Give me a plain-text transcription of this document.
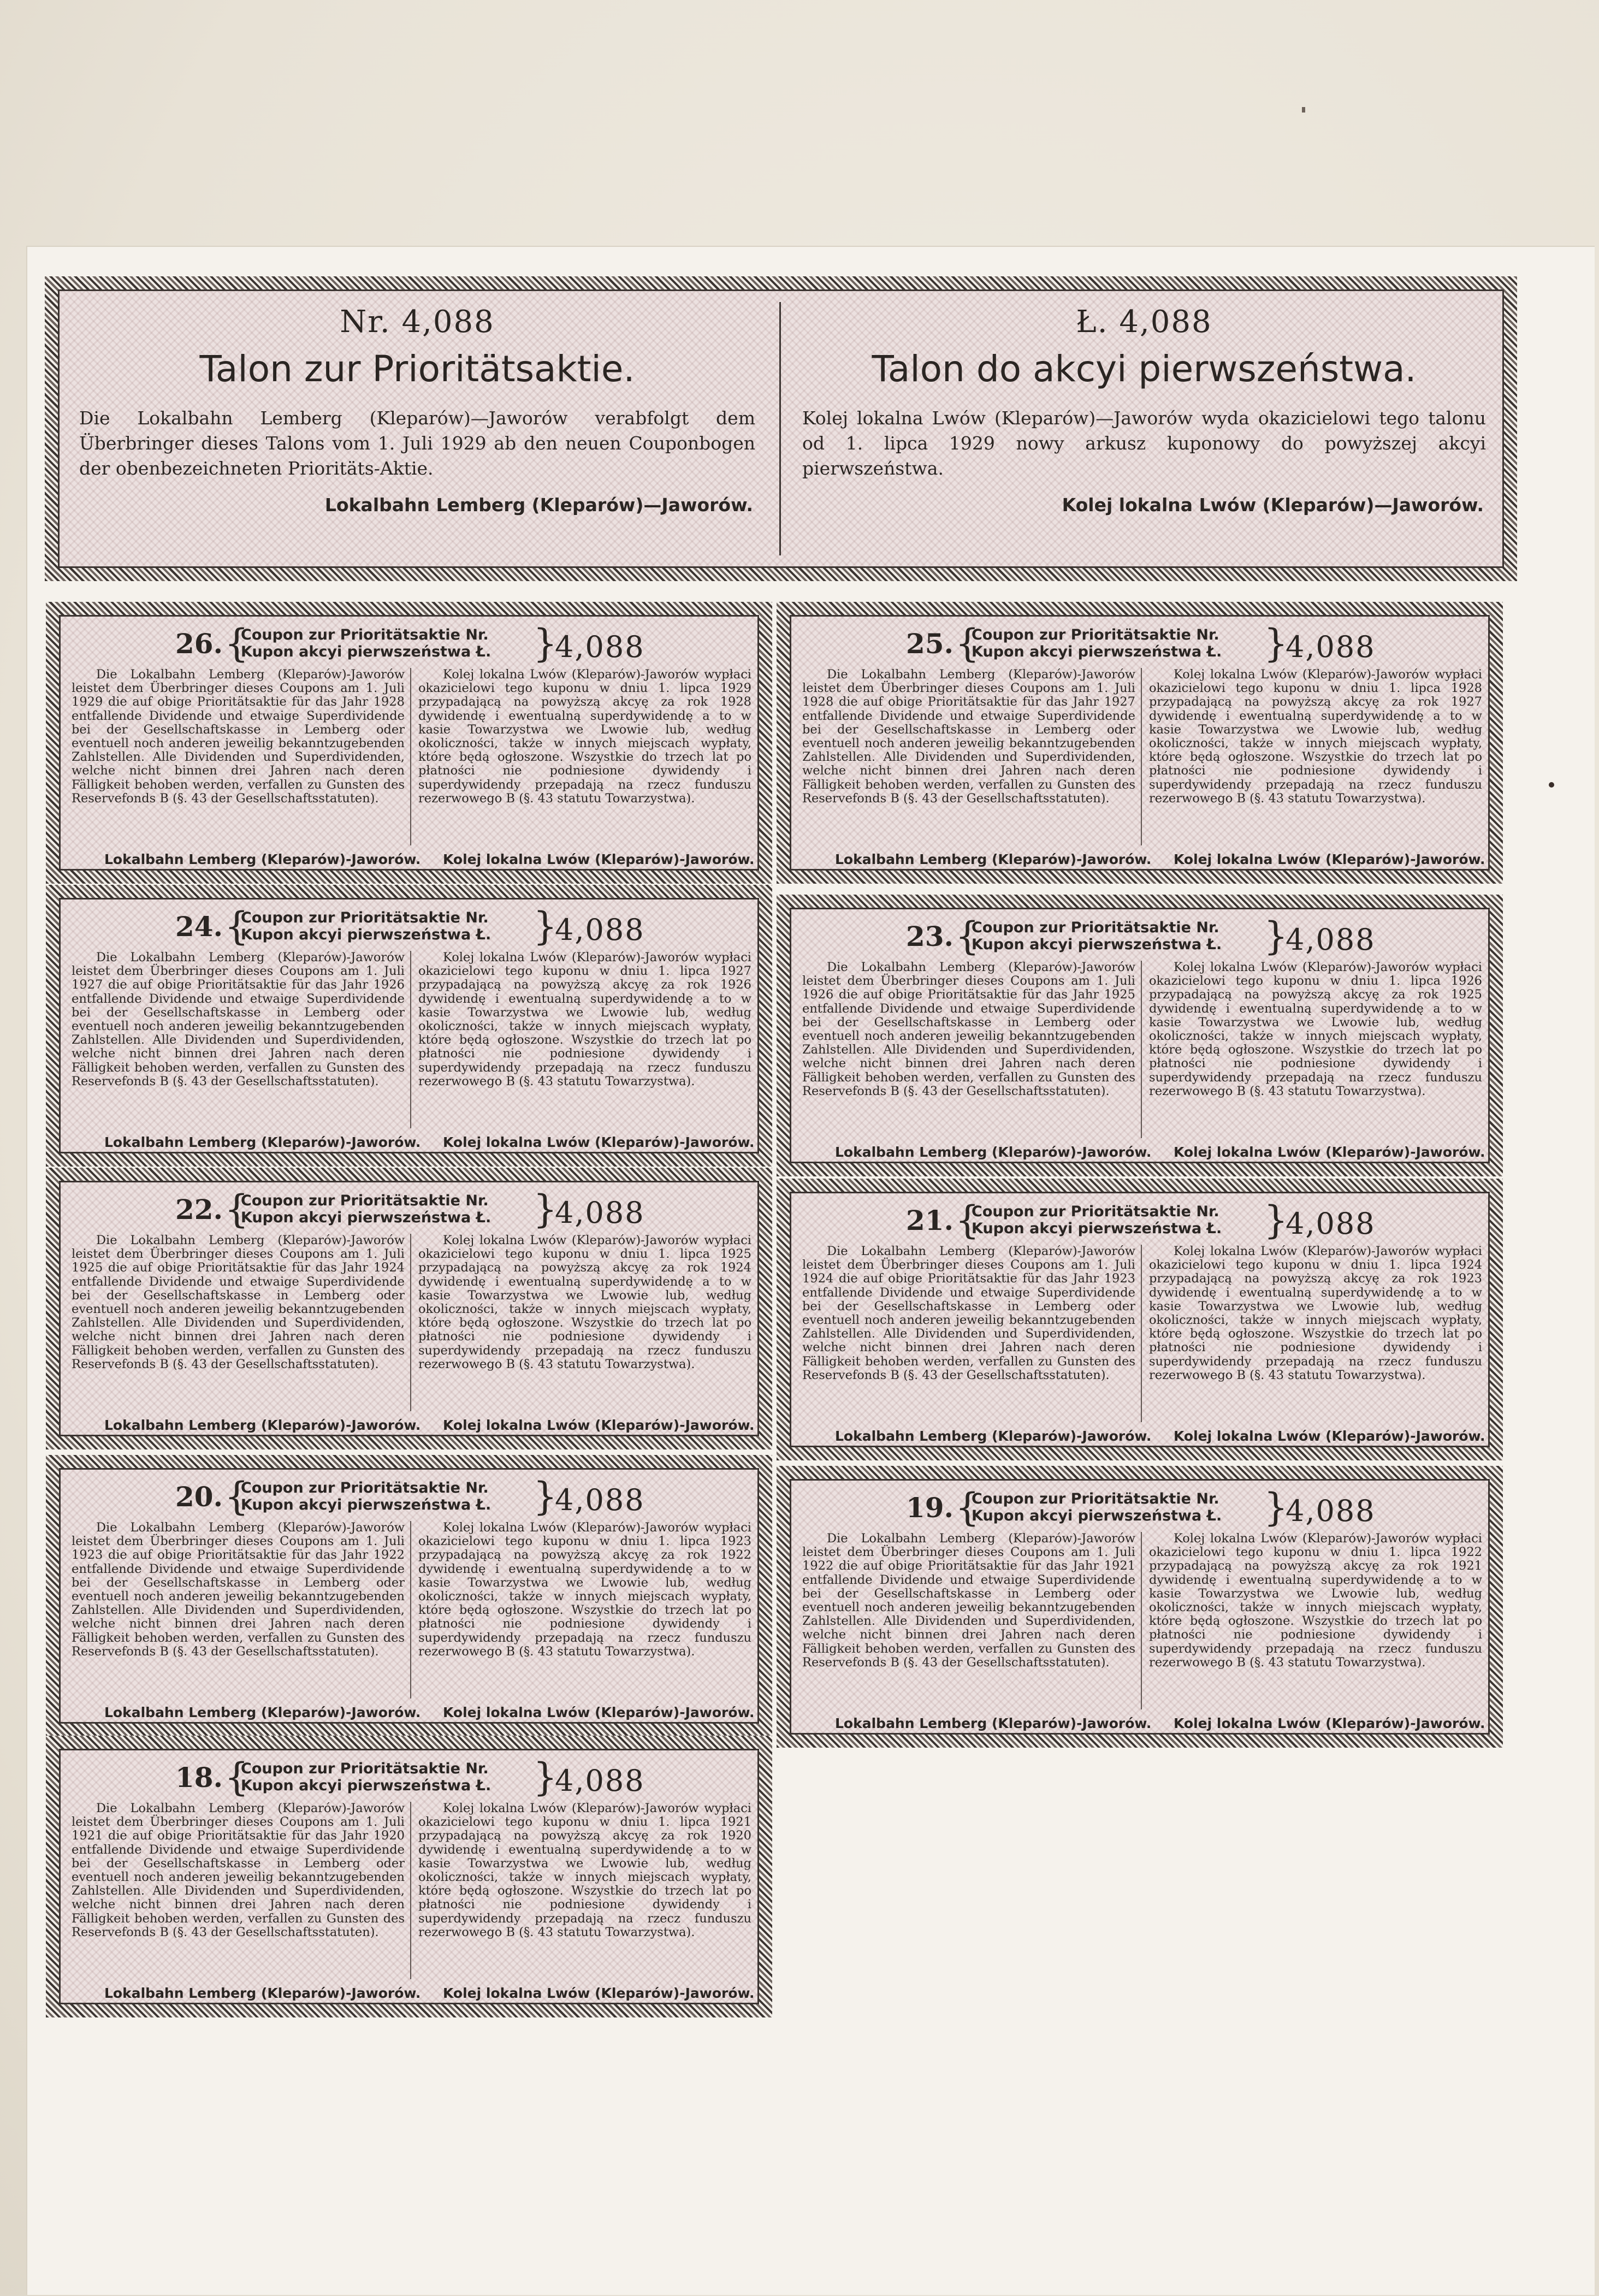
Nr. 4,088
Talon zur Prioritätsaktie.
Die Lokalbahn Lemberg (Kleparów)—Jaworów verabfolgt dem Überbringer dieses Talons vom 1. Juli 1929 ab den neuen Couponbogen der obenbezeichneten Prioritäts-Aktie.
Lokalbahn Lemberg (Kleparów)—Jaworów.
Ł. 4,088
Talon do akcyi pierwszeństwa.
Kolej lokalna Lwów (Kleparów)—Jaworów wyda okazicielowi tego talonu od 1. lipca 1929 nowy arkusz kuponowy do powyższej akcyi pierwszeństwa.
Kolej lokalna Lwów (Kleparów)—Jaworów.
26. {
Coupon zur Prioritätsaktie Nr.
Kupon akcyi pierwszeństwa Ł. }
4,088
Die Lokalbahn Lemberg (Kleparów)-Jaworów leistet dem Überbringer dieses Coupons am 1. Juli 1929 die auf obige Prioritätsaktie für das Jahr 1928 entfallende Dividende und etwaige Superdividende bei der Gesellschaftskasse in Lemberg oder eventuell noch anderen jeweilig bekanntzugebenden Zahlstellen. Alle Dividenden und Superdividenden, welche nicht binnen drei Jahren nach deren Fälligkeit behoben werden, verfallen zu Gunsten des Reservefonds B (§. 43 der Gesellschaftsstatuten).
Kolej lokalna Lwów (Kleparów)-Jaworów wypłaci okazicielowi tego kuponu w dniu 1. lipca 1929 przypadającą na powyższą akcyę za rok 1928 dywidendę i ewentualną superdywidendę a to w kasie Towarzystwa we Lwowie lub, według okoliczności, także w innych miejscach wypłaty, które będą ogłoszone. Wszystkie do trzech lat po płatności nie podniesione dywidendy i superdywidendy przepadają na rzecz funduszu rezerwowego B (§. 43 statutu Towarzystwa).
Lokalbahn Lemberg (Kleparów)-Jaworów. Kolej lokalna Lwów (Kleparów)-Jaworów.
25. {
Coupon zur Prioritätsaktie Nr.
Kupon akcyi pierwszeństwa Ł. }
4,088
Die Lokalbahn Lemberg (Kleparów)-Jaworów leistet dem Überbringer dieses Coupons am 1. Juli 1928 die auf obige Prioritätsaktie für das Jahr 1927 entfallende Dividende und etwaige Superdividende bei der Gesellschaftskasse in Lemberg oder eventuell noch anderen jeweilig bekanntzugebenden Zahlstellen. Alle Dividenden und Superdividenden, welche nicht binnen drei Jahren nach deren Fälligkeit behoben werden, verfallen zu Gunsten des Reservefonds B (§. 43 der Gesellschaftsstatuten).
Kolej lokalna Lwów (Kleparów)-Jaworów wypłaci okazicielowi tego kuponu w dniu 1. lipca 1928 przypadającą na powyższą akcyę za rok 1927 dywidendę i ewentualną superdywidendę a to w kasie Towarzystwa we Lwowie lub, według okoliczności, także w innych miejscach wypłaty, które będą ogłoszone. Wszystkie do trzech lat po płatności nie podniesione dywidendy i superdywidendy przepadają na rzecz funduszu rezerwowego B (§. 43 statutu Towarzystwa).
Lokalbahn Lemberg (Kleparów)-Jaworów. Kolej lokalna Lwów (Kleparów)-Jaworów.
24. {
Coupon zur Prioritätsaktie Nr.
Kupon akcyi pierwszeństwa Ł. }
4,088
Die Lokalbahn Lemberg (Kleparów)-Jaworów leistet dem Überbringer dieses Coupons am 1. Juli 1927 die auf obige Prioritätsaktie für das Jahr 1926 entfallende Dividende und etwaige Superdividende bei der Gesellschaftskasse in Lemberg oder eventuell noch anderen jeweilig bekanntzugebenden Zahlstellen. Alle Dividenden und Superdividenden, welche nicht binnen drei Jahren nach deren Fälligkeit behoben werden, verfallen zu Gunsten des Reservefonds B (§. 43 der Gesellschaftsstatuten).
Kolej lokalna Lwów (Kleparów)-Jaworów wypłaci okazicielowi tego kuponu w dniu 1. lipca 1927 przypadającą na powyższą akcyę za rok 1926 dywidendę i ewentualną superdywidendę a to w kasie Towarzystwa we Lwowie lub, według okoliczności, także w innych miejscach wypłaty, które będą ogłoszone. Wszystkie do trzech lat po płatności nie podniesione dywidendy i superdywidendy przepadają na rzecz funduszu rezerwowego B (§. 43 statutu Towarzystwa).
Lokalbahn Lemberg (Kleparów)-Jaworów. Kolej lokalna Lwów (Kleparów)-Jaworów.
23. {
Coupon zur Prioritätsaktie Nr.
Kupon akcyi pierwszeństwa Ł. }
4,088
Die Lokalbahn Lemberg (Kleparów)-Jaworów leistet dem Überbringer dieses Coupons am 1. Juli 1926 die auf obige Prioritätsaktie für das Jahr 1925 entfallende Dividende und etwaige Superdividende bei der Gesellschaftskasse in Lemberg oder eventuell noch anderen jeweilig bekanntzugebenden Zahlstellen. Alle Dividenden und Superdividenden, welche nicht binnen drei Jahren nach deren Fälligkeit behoben werden, verfallen zu Gunsten des Reservefonds B (§. 43 der Gesellschaftsstatuten).
Kolej lokalna Lwów (Kleparów)-Jaworów wypłaci okazicielowi tego kuponu w dniu 1. lipca 1926 przypadającą na powyższą akcyę za rok 1925 dywidendę i ewentualną superdywidendę a to w kasie Towarzystwa we Lwowie lub, według okoliczności, także w innych miejscach wypłaty, które będą ogłoszone. Wszystkie do trzech lat po płatności nie podniesione dywidendy i superdywidendy przepadają na rzecz funduszu rezerwowego B (§. 43 statutu Towarzystwa).
Lokalbahn Lemberg (Kleparów)-Jaworów. Kolej lokalna Lwów (Kleparów)-Jaworów.
22. {
Coupon zur Prioritätsaktie Nr.
Kupon akcyi pierwszeństwa Ł. }
4,088
Die Lokalbahn Lemberg (Kleparów)-Jaworów leistet dem Überbringer dieses Coupons am 1. Juli 1925 die auf obige Prioritätsaktie für das Jahr 1924 entfallende Dividende und etwaige Superdividende bei der Gesellschaftskasse in Lemberg oder eventuell noch anderen jeweilig bekanntzugebenden Zahlstellen. Alle Dividenden und Superdividenden, welche nicht binnen drei Jahren nach deren Fälligkeit behoben werden, verfallen zu Gunsten des Reservefonds B (§. 43 der Gesellschaftsstatuten).
Kolej lokalna Lwów (Kleparów)-Jaworów wypłaci okazicielowi tego kuponu w dniu 1. lipca 1925 przypadającą na powyższą akcyę za rok 1924 dywidendę i ewentualną superdywidendę a to w kasie Towarzystwa we Lwowie lub, według okoliczności, także w innych miejscach wypłaty, które będą ogłoszone. Wszystkie do trzech lat po płatności nie podniesione dywidendy i superdywidendy przepadają na rzecz funduszu rezerwowego B (§. 43 statutu Towarzystwa).
Lokalbahn Lemberg (Kleparów)-Jaworów. Kolej lokalna Lwów (Kleparów)-Jaworów.
21. {
Coupon zur Prioritätsaktie Nr.
Kupon akcyi pierwszeństwa Ł. }
4,088
Die Lokalbahn Lemberg (Kleparów)-Jaworów leistet dem Überbringer dieses Coupons am 1. Juli 1924 die auf obige Prioritätsaktie für das Jahr 1923 entfallende Dividende und etwaige Superdividende bei der Gesellschaftskasse in Lemberg oder eventuell noch anderen jeweilig bekanntzugebenden Zahlstellen. Alle Dividenden und Superdividenden, welche nicht binnen drei Jahren nach deren Fälligkeit behoben werden, verfallen zu Gunsten des Reservefonds B (§. 43 der Gesellschaftsstatuten).
Kolej lokalna Lwów (Kleparów)-Jaworów wypłaci okazicielowi tego kuponu w dniu 1. lipca 1924 przypadającą na powyższą akcyę za rok 1923 dywidendę i ewentualną superdywidendę a to w kasie Towarzystwa we Lwowie lub, według okoliczności, także w innych miejscach wypłaty, które będą ogłoszone. Wszystkie do trzech lat po płatności nie podniesione dywidendy i superdywidendy przepadają na rzecz funduszu rezerwowego B (§. 43 statutu Towarzystwa).
Lokalbahn Lemberg (Kleparów)-Jaworów. Kolej lokalna Lwów (Kleparów)-Jaworów.
20. {
Coupon zur Prioritätsaktie Nr.
Kupon akcyi pierwszeństwa Ł. }
4,088
Die Lokalbahn Lemberg (Kleparów)-Jaworów leistet dem Überbringer dieses Coupons am 1. Juli 1923 die auf obige Prioritätsaktie für das Jahr 1922 entfallende Dividende und etwaige Superdividende bei der Gesellschaftskasse in Lemberg oder eventuell noch anderen jeweilig bekanntzugebenden Zahlstellen. Alle Dividenden und Superdividenden, welche nicht binnen drei Jahren nach deren Fälligkeit behoben werden, verfallen zu Gunsten des Reservefonds B (§. 43 der Gesellschaftsstatuten).
Kolej lokalna Lwów (Kleparów)-Jaworów wypłaci okazicielowi tego kuponu w dniu 1. lipca 1923 przypadającą na powyższą akcyę za rok 1922 dywidendę i ewentualną superdywidendę a to w kasie Towarzystwa we Lwowie lub, według okoliczności, także w innych miejscach wypłaty, które będą ogłoszone. Wszystkie do trzech lat po płatności nie podniesione dywidendy i superdywidendy przepadają na rzecz funduszu rezerwowego B (§. 43 statutu Towarzystwa).
Lokalbahn Lemberg (Kleparów)-Jaworów. Kolej lokalna Lwów (Kleparów)-Jaworów.
19. {
Coupon zur Prioritätsaktie Nr.
Kupon akcyi pierwszeństwa Ł. }
4,088
Die Lokalbahn Lemberg (Kleparów)-Jaworów leistet dem Überbringer dieses Coupons am 1. Juli 1922 die auf obige Prioritätsaktie für das Jahr 1921 entfallende Dividende und etwaige Superdividende bei der Gesellschaftskasse in Lemberg oder eventuell noch anderen jeweilig bekanntzugebenden Zahlstellen. Alle Dividenden und Superdividenden, welche nicht binnen drei Jahren nach deren Fälligkeit behoben werden, verfallen zu Gunsten des Reservefonds B (§. 43 der Gesellschaftsstatuten).
Kolej lokalna Lwów (Kleparów)-Jaworów wypłaci okazicielowi tego kuponu w dniu 1. lipca 1922 przypadającą na powyższą akcyę za rok 1921 dywidendę i ewentualną superdywidendę a to w kasie Towarzystwa we Lwowie lub, według okoliczności, także w innych miejscach wypłaty, które będą ogłoszone. Wszystkie do trzech lat po płatności nie podniesione dywidendy i superdywidendy przepadają na rzecz funduszu rezerwowego B (§. 43 statutu Towarzystwa).
Lokalbahn Lemberg (Kleparów)-Jaworów. Kolej lokalna Lwów (Kleparów)-Jaworów.
18. {
Coupon zur Prioritätsaktie Nr.
Kupon akcyi pierwszeństwa Ł. }
4,088
Die Lokalbahn Lemberg (Kleparów)-Jaworów leistet dem Überbringer dieses Coupons am 1. Juli 1921 die auf obige Prioritätsaktie für das Jahr 1920 entfallende Dividende und etwaige Superdividende bei der Gesellschaftskasse in Lemberg oder eventuell noch anderen jeweilig bekanntzugebenden Zahlstellen. Alle Dividenden und Superdividenden, welche nicht binnen drei Jahren nach deren Fälligkeit behoben werden, verfallen zu Gunsten des Reservefonds B (§. 43 der Gesellschaftsstatuten).
Kolej lokalna Lwów (Kleparów)-Jaworów wypłaci okazicielowi tego kuponu w dniu 1. lipca 1921 przypadającą na powyższą akcyę za rok 1920 dywidendę i ewentualną superdywidendę a to w kasie Towarzystwa we Lwowie lub, według okoliczności, także w innych miejscach wypłaty, które będą ogłoszone. Wszystkie do trzech lat po płatności nie podniesione dywidendy i superdywidendy przepadają na rzecz funduszu rezerwowego B (§. 43 statutu Towarzystwa).
Lokalbahn Lemberg (Kleparów)-Jaworów. Kolej lokalna Lwów (Kleparów)-Jaworów.
